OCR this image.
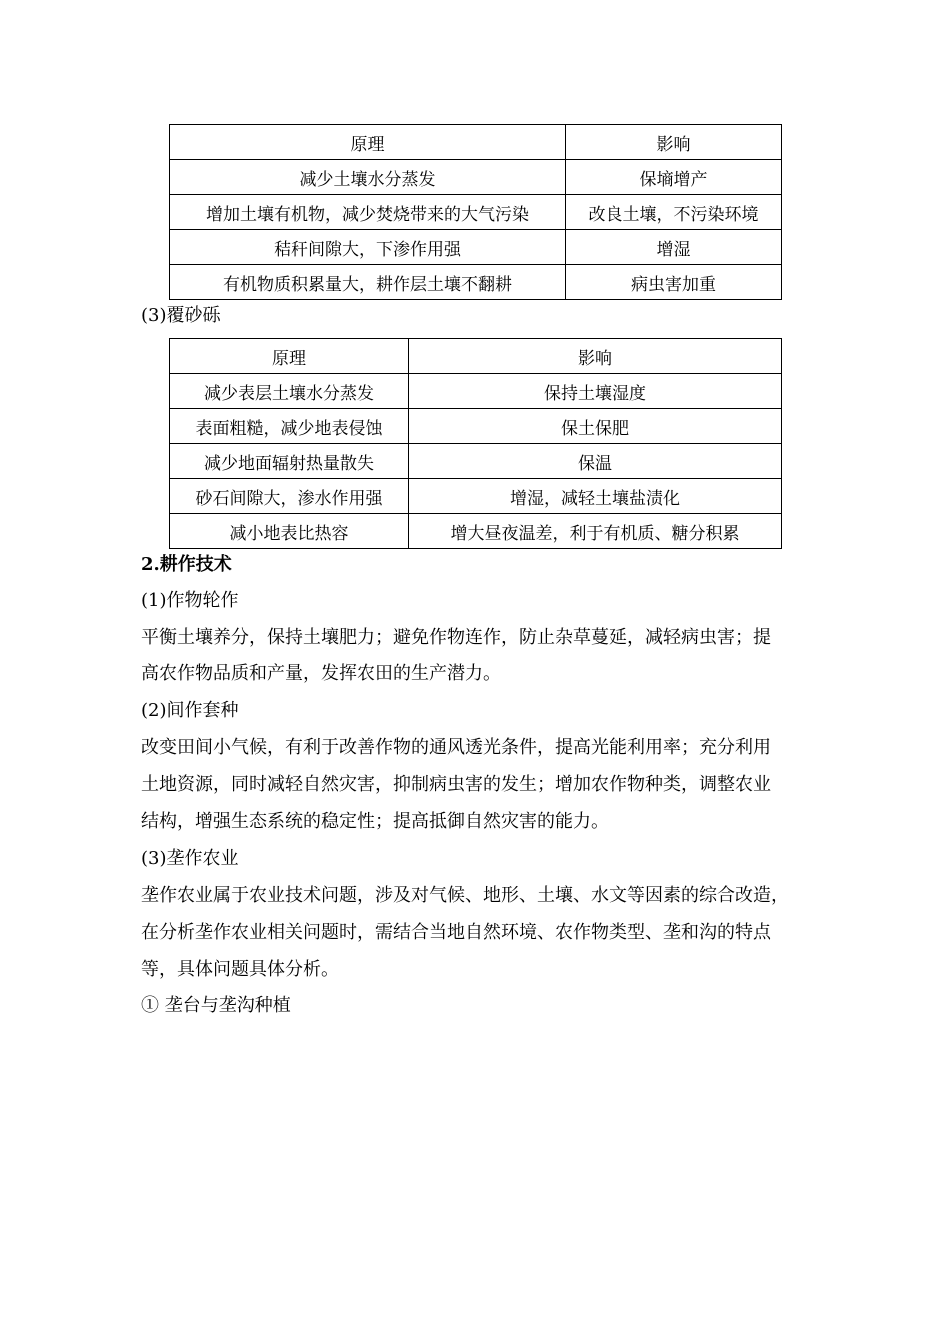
原理	影响
减少土壤水分蒸发	保墒增产
增加土壤有机物，减少焚烧带来的大气污染	改良土壤，不污染环境
秸秆间隙大，下渗作用强	增湿
有机物质积累量大，耕作层土壤不翻耕	病虫害加重
(3)覆砂砾
原理	影响
减少表层土壤水分蒸发	保持土壤湿度
表面粗糙，减少地表侵蚀	保土保肥
减少地面辐射热量散失	保温
砂石间隙大，渗水作用强	增湿，减轻土壤盐渍化
减小地表比热容	增大昼夜温差，利于有机质、糖分积累
2.耕作技术
(1)作物轮作
平衡土壤养分，保持土壤肥力；避免作物连作，防止杂草蔓延，减轻病虫害；提
高农作物品质和产量，发挥农田的生产潜力。
(2)间作套种
改变田间小气候，有利于改善作物的通风透光条件，提高光能利用率；充分利用
土地资源，同时减轻自然灾害，抑制病虫害的发生；增加农作物种类，调整农业
结构，增强生态系统的稳定性；提高抵御自然灾害的能力。
(3)垄作农业
垄作农业属于农业技术问题，涉及对气候、地形、土壤、水文等因素的综合改造，
在分析垄作农业相关问题时，需结合当地自然环境、农作物类型、垄和沟的特点
等，具体问题具体分析。
① 垄台与垄沟种植
